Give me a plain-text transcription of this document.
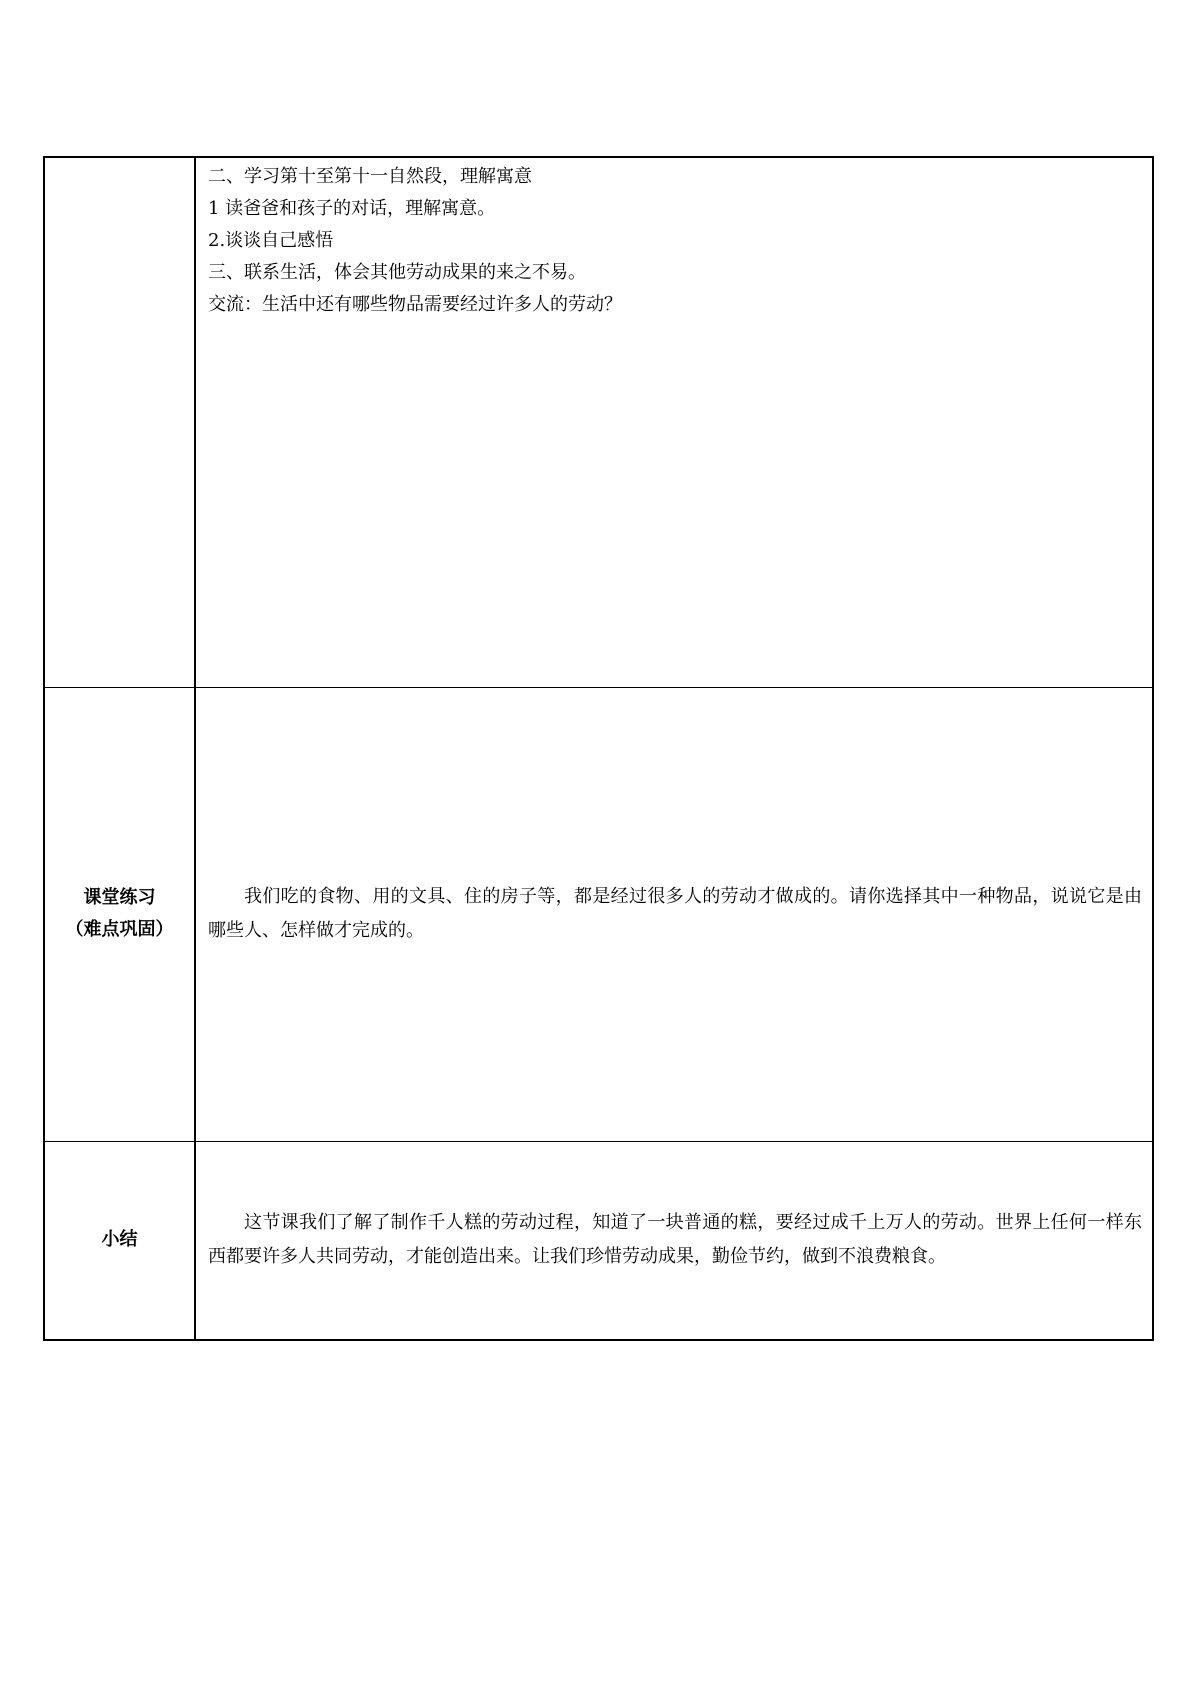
	二、学习第十至第十一自然段，理解寓意
1 读爸爸和孩子的对话，理解寓意。
2.谈谈自己感悟
三、联系生活，体会其他劳动成果的来之不易。
交流：生活中还有哪些物品需要经过许多人的劳动？

课堂练习
（难点巩固）	我们吃的食物、用的文具、住的房子等，都是经过很多人的劳动才做成的。请你选择其中一种物品，说说它是由哪些人、怎样做才完成的。

小结	这节课我们了解了制作千人糕的劳动过程，知道了一块普通的糕，要经过成千上万人的劳动。世界上任何一样东西都要许多人共同劳动，才能创造出来。让我们珍惜劳动成果，勤俭节约，做到不浪费粮食。
